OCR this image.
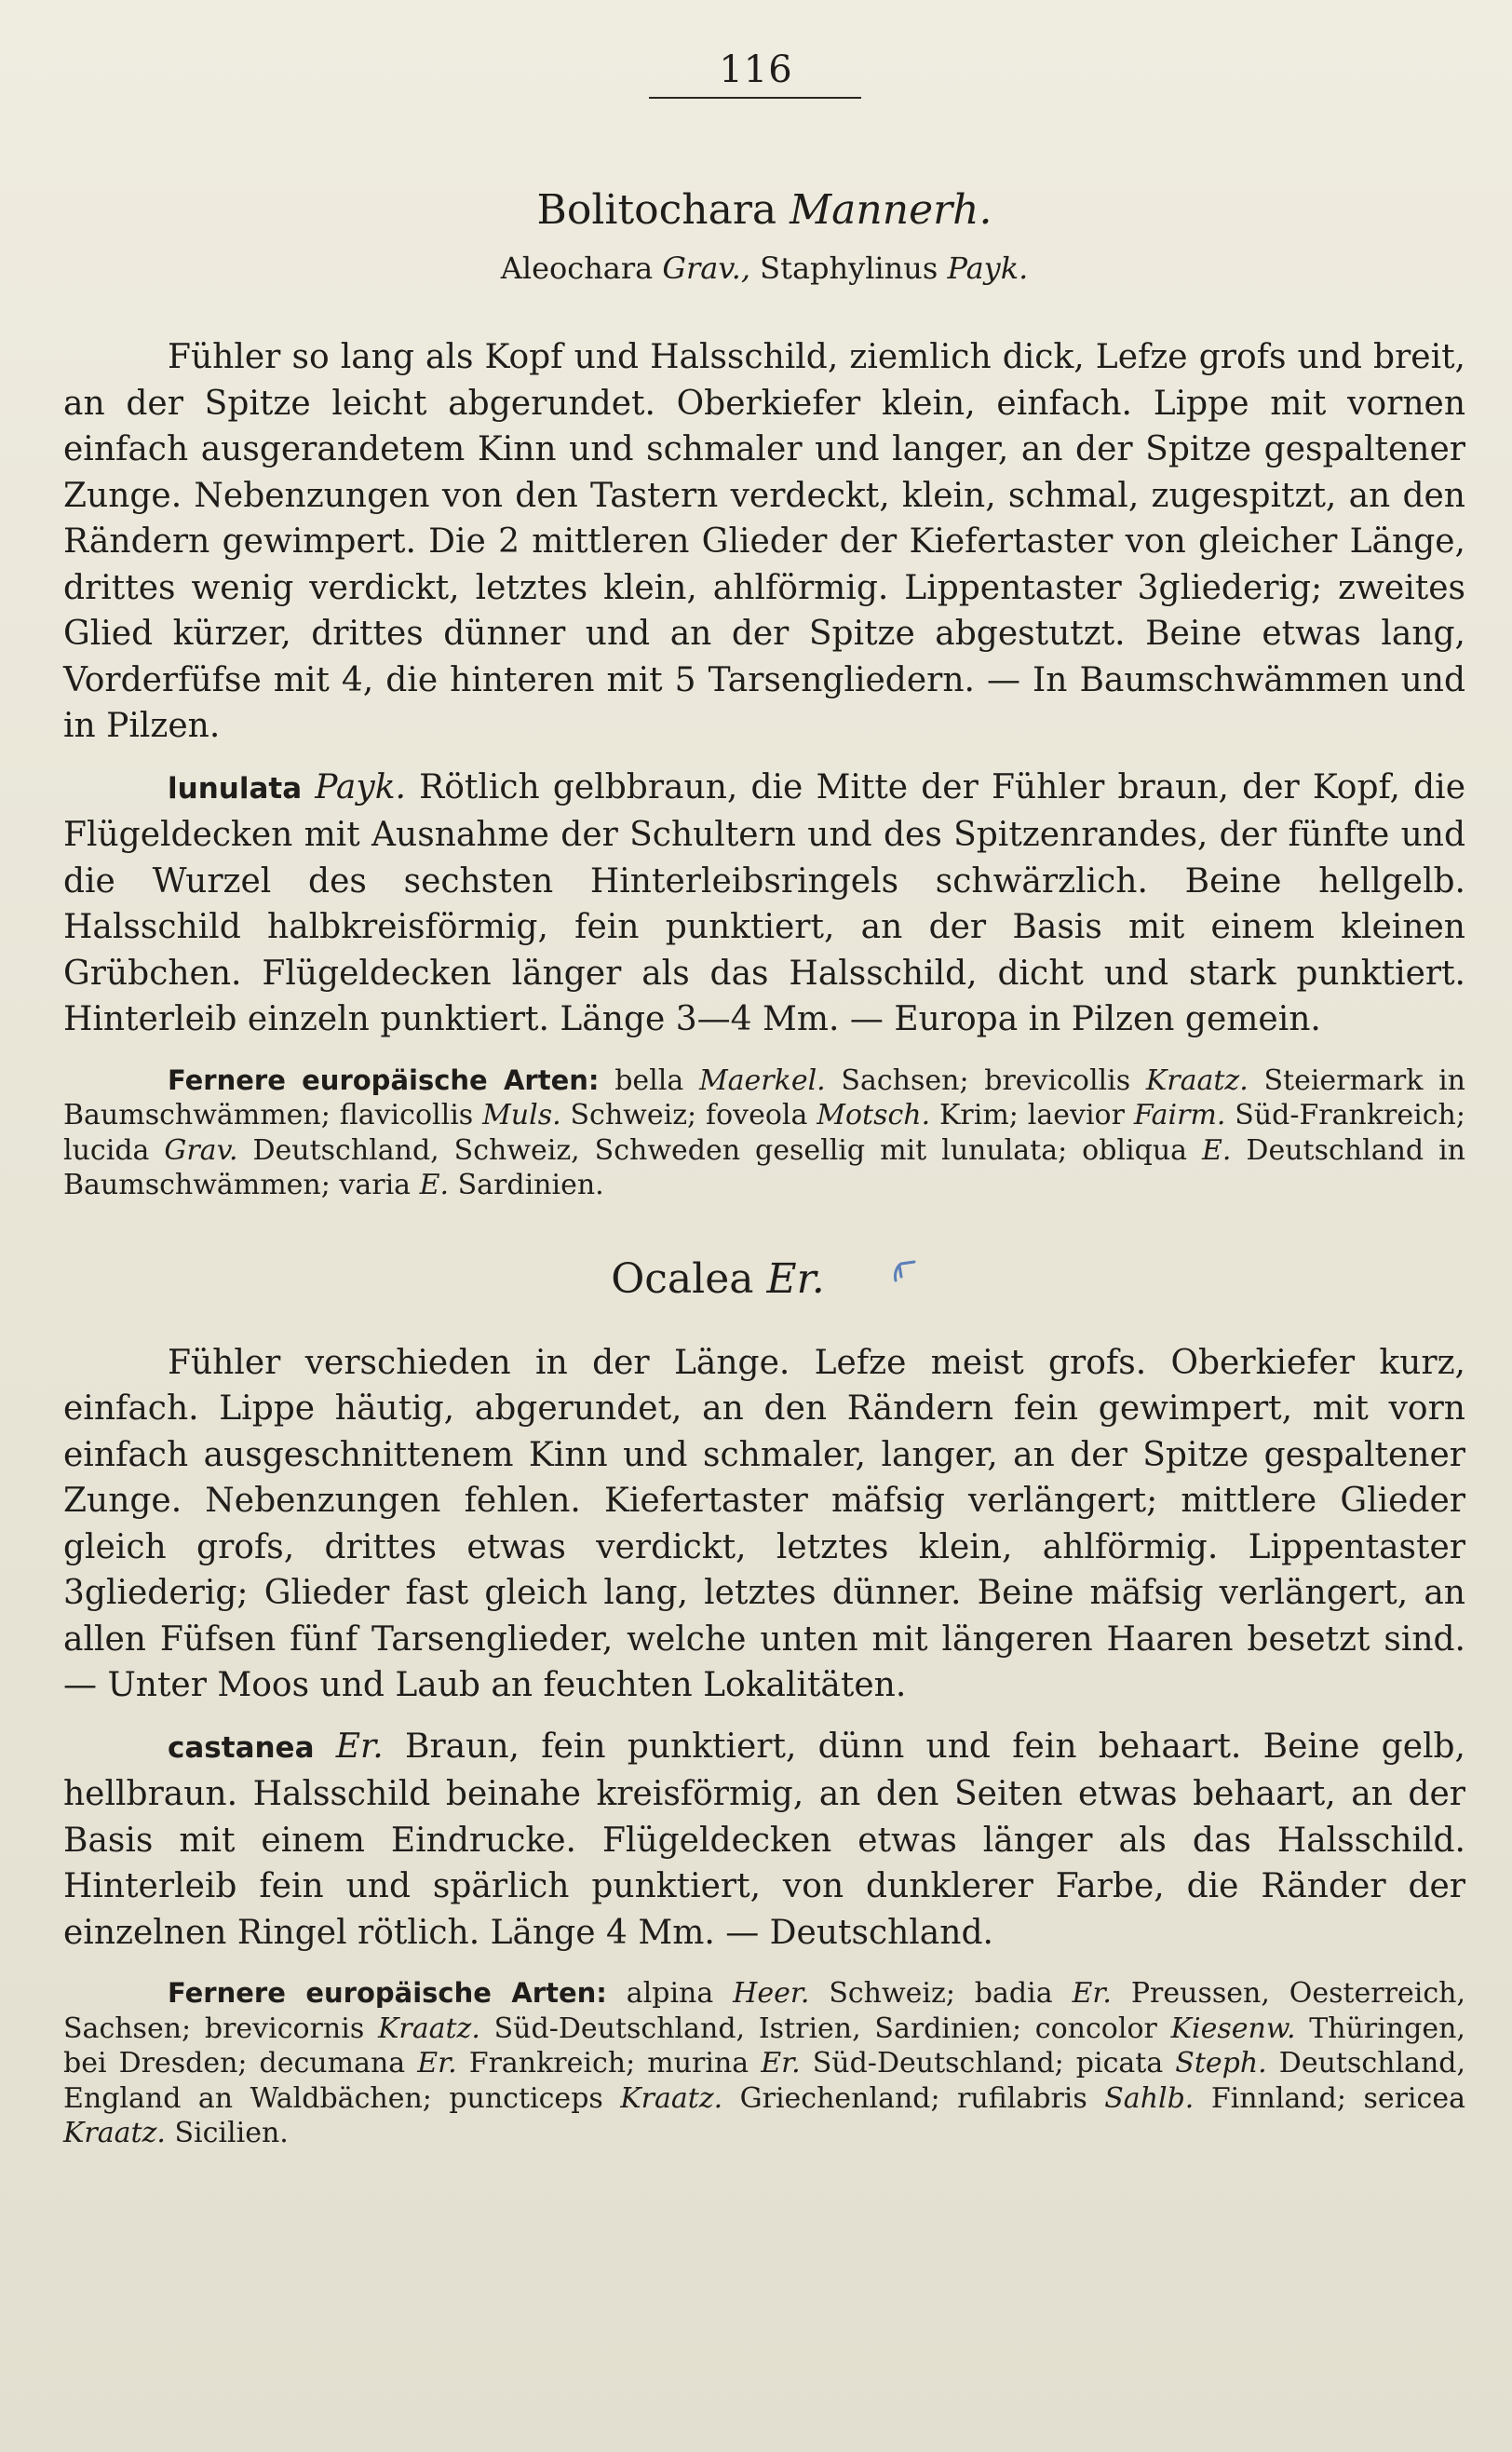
116
Bolitochara Mannerh.
Aleochara Grav., Staphylinus Payk.

Fühler so lang als Kopf und Halsschild, ziemlich dick, Lefze grofs und breit, an der Spitze leicht abgerundet. Oberkiefer klein, einfach. Lippe mit vornen einfach ausgerandetem Kinn und schmaler und langer, an der Spitze gespaltener Zunge. Nebenzungen von den Tastern verdeckt, klein, schmal, zugespitzt, an den Rändern gewimpert. Die 2 mittleren Glieder der Kiefertaster von gleicher Länge, drittes wenig verdickt, letztes klein, ahlförmig. Lippentaster 3gliederig; zweites Glied kürzer, drittes dünner und an der Spitze abgestutzt. Beine etwas lang, Vorderfüfse mit 4, die hinteren mit 5 Tarsengliedern. — In Baumschwämmen und in Pilzen.

lunulata Payk. Rötlich gelbbraun, die Mitte der Fühler braun, der Kopf, die Flügeldecken mit Ausnahme der Schultern und des Spitzenrandes, der fünfte und die Wurzel des sechsten Hinterleibsringels schwärzlich. Beine hellgelb. Halsschild halbkreisförmig, fein punktiert, an der Basis mit einem kleinen Grübchen. Flügeldecken länger als das Halsschild, dicht und stark punktiert. Hinterleib einzeln punktiert. Länge 3—4 Mm. — Europa in Pilzen gemein.

Fernere europäische Arten: bella Maerkel. Sachsen; brevicollis Kraatz. Steiermark in Baumschwämmen; flavicollis Muls. Schweiz; foveola Motsch. Krim; laevior Fairm. Süd-Frankreich; lucida Grav. Deutschland, Schweiz, Schweden gesellig mit lunulata; obliqua E. Deutschland in Baumschwämmen; varia E. Sardinien.

Ocalea Er.

Fühler verschieden in der Länge. Lefze meist grofs. Oberkiefer kurz, einfach. Lippe häutig, abgerundet, an den Rändern fein gewimpert, mit vorn einfach ausgeschnittenem Kinn und schmaler, langer, an der Spitze gespaltener Zunge. Nebenzungen fehlen. Kiefertaster mäfsig verlängert; mittlere Glieder gleich grofs, drittes etwas verdickt, letztes klein, ahlförmig. Lippentaster 3gliederig; Glieder fast gleich lang, letztes dünner. Beine mäfsig verlängert, an allen Füfsen fünf Tarsenglieder, welche unten mit längeren Haaren besetzt sind. — Unter Moos und Laub an feuchten Lokalitäten.

castanea Er. Braun, fein punktiert, dünn und fein behaart. Beine gelb, hellbraun. Halsschild beinahe kreisförmig, an den Seiten etwas behaart, an der Basis mit einem Eindrucke. Flügeldecken etwas länger als das Halsschild. Hinterleib fein und spärlich punktiert, von dunklerer Farbe, die Ränder der einzelnen Ringel rötlich. Länge 4 Mm. — Deutschland.

Fernere europäische Arten: alpina Heer. Schweiz; badia Er. Preussen, Oesterreich, Sachsen; brevicornis Kraatz. Süd-Deutschland, Istrien, Sardinien; concolor Kiesenw. Thüringen, bei Dresden; decumana Er. Frankreich; murina Er. Süd-Deutschland; picata Steph. Deutschland, England an Waldbächen; puncticeps Kraatz. Griechenland; rufilabris Sahlb. Finnland; sericea Kraatz. Sicilien.
